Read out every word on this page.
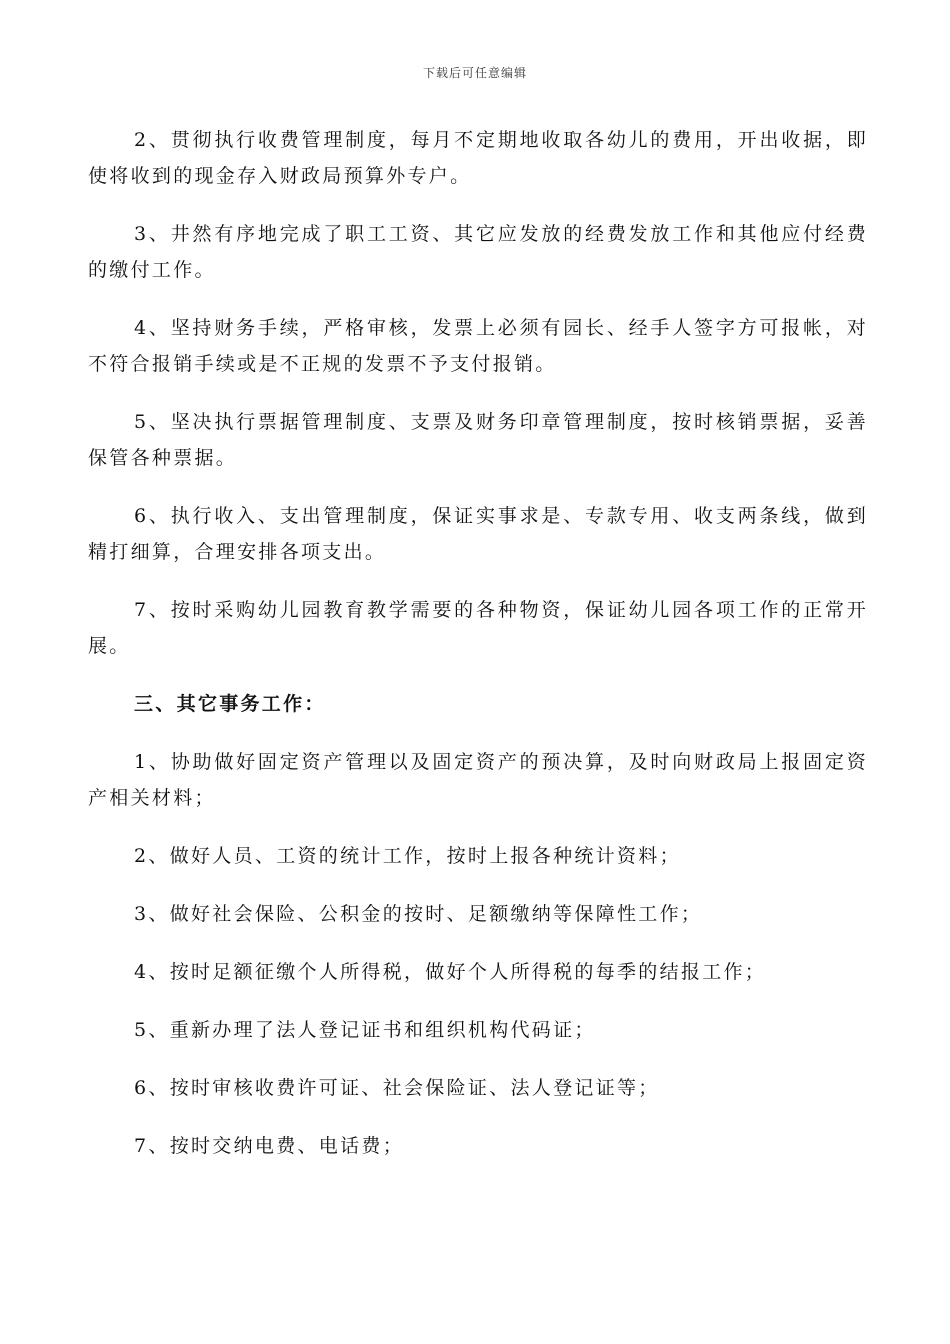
下载后可任意编辑

2、贯彻执行收费管理制度，每月不定期地收取各幼儿的费用，开出收据，即使将收到的现金存入财政局预算外专户。

3、井然有序地完成了职工工资、其它应发放的经费发放工作和其他应付经费的缴付工作。

4、坚持财务手续，严格审核，发票上必须有园长、经手人签字方可报帐，对不符合报销手续或是不正规的发票不予支付报销。

5、坚决执行票据管理制度、支票及财务印章管理制度，按时核销票据，妥善保管各种票据。

6、执行收入、支出管理制度，保证实事求是、专款专用、收支两条线，做到精打细算，合理安排各项支出。

7、按时采购幼儿园教育教学需要的各种物资，保证幼儿园各项工作的正常开展。

三、其它事务工作：

1、协助做好固定资产管理以及固定资产的预决算，及时向财政局上报固定资产相关材料；

2、做好人员、工资的统计工作，按时上报各种统计资料；

3、做好社会保险、公积金的按时、足额缴纳等保障性工作；

4、按时足额征缴个人所得税，做好个人所得税的每季的结报工作；

5、重新办理了法人登记证书和组织机构代码证；

6、按时审核收费许可证、社会保险证、法人登记证等；

7、按时交纳电费、电话费；
